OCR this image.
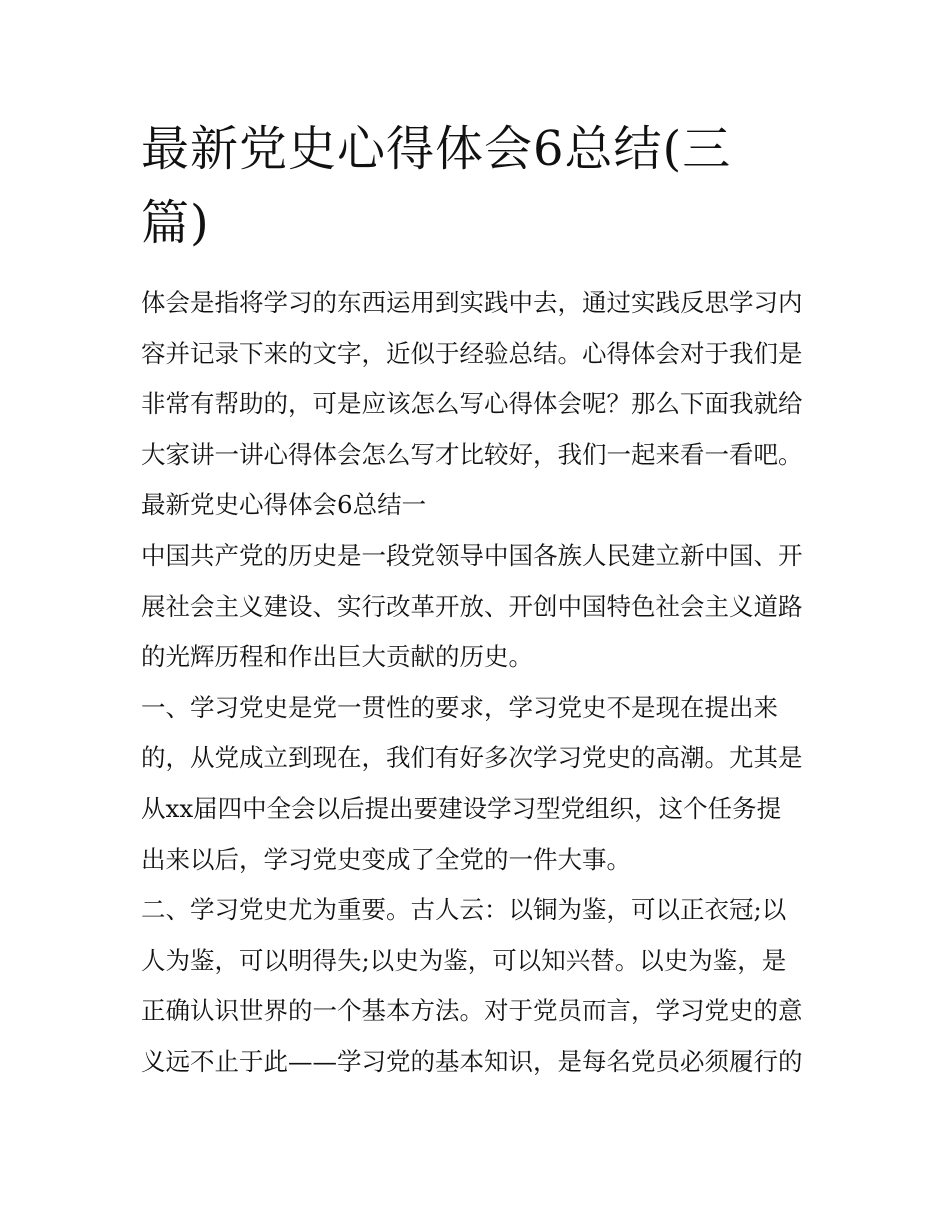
最新党史心得体会6总结(三
篇)

体会是指将学习的东西运用到实践中去，通过实践反思学习内

容并记录下来的文字，近似于经验总结。心得体会对于我们是

非常有帮助的，可是应该怎么写心得体会呢？那么下面我就给

大家讲一讲心得体会怎么写才比较好，我们一起来看一看吧。

最新党史心得体会6总结一

中国共产党的历史是一段党领导中国各族人民建立新中国、开

展社会主义建设、实行改革开放、开创中国特色社会主义道路

的光辉历程和作出巨大贡献的历史。

一、学习党史是党一贯性的要求，学习党史不是现在提出来

的，从党成立到现在，我们有好多次学习党史的高潮。尤其是

从xx届四中全会以后提出要建设学习型党组织，这个任务提

出来以后，学习党史变成了全党的一件大事。

二、学习党史尤为重要。古人云：以铜为鉴，可以正衣冠;以

人为鉴，可以明得失;以史为鉴，可以知兴替。以史为鉴，是

正确认识世界的一个基本方法。对于党员而言，学习党史的意

义远不止于此——学习党的基本知识，是每名党员必须履行的
